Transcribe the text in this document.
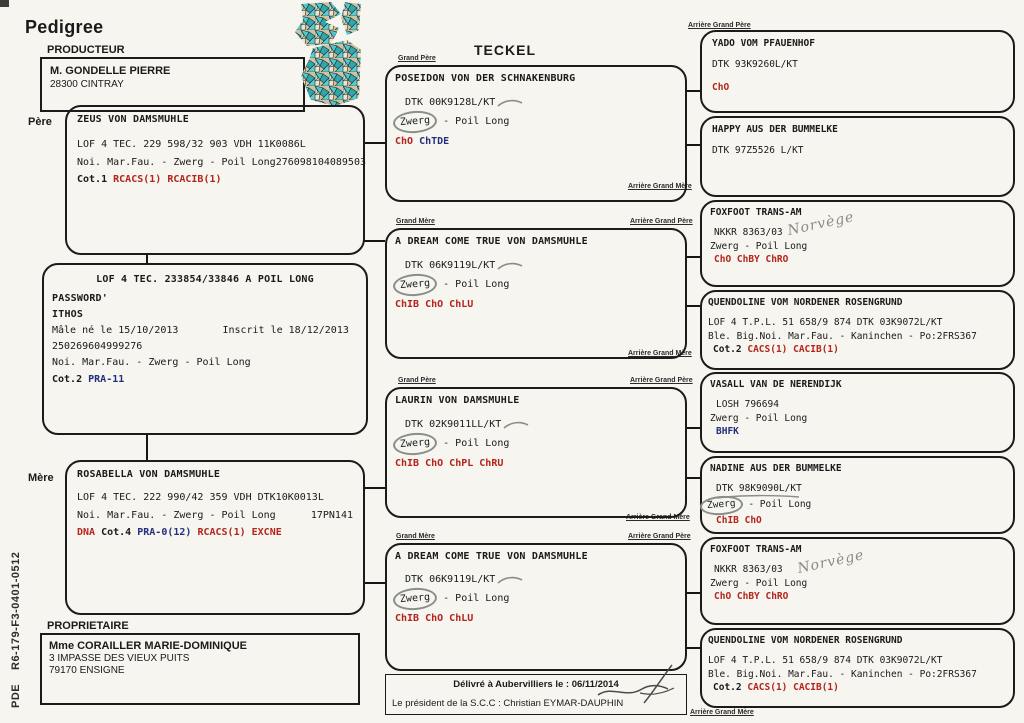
Pedigree
PRODUCTEUR
M. GONDELLE PIERRE
28300 CINTRAY
TECKEL
Père
Mère
Grand Père
Arrière Grand Père
Arrière Grand Mère
Grand Mère	Arrière Grand Père
Arrière Grand Mère
Grand Père	Arrière Grand Père
Arrière Grand Mère
Grand Mère	Arrière Grand Père
Arrière Grand Mère
ZEUS VON DAMSMUHLE
LOF 4 TEC. 229 598/32 903 VDH 11K0086L
Noi. Mar.Fau. - Zwerg - Poil Long 276098104089503
Cot.1 RCACS(1) RCACIB(1)
LOF 4 TEC. 233854/33846 A POIL LONG
PASSWORD'
ITHOS
Mâle né le 15/10/2013	Inscrit le 18/12/2013
250269604999276
Noi. Mar.Fau. - Zwerg - Poil Long
Cot.2 PRA-11
ROSABELLA VON DAMSMUHLE
LOF 4 TEC. 222 990/42 359 VDH DTK10K0013L
Noi. Mar.Fau. - Zwerg - Poil Long	17PN141
DNA Cot.4 PRA-0(12) RCACS(1) EXCNE
POSEIDON VON DER SCHNAKENBURG
DTK 00K9128L/KT
Zwerg - Poil Long
ChO ChTDE
A DREAM COME TRUE VON DAMSMUHLE
DTK 06K9119L/KT
Zwerg - Poil Long
ChIB ChO ChLU
LAURIN VON DAMSMUHLE
DTK 02K9011LL/KT
Zwerg - Poil Long
ChIB ChO ChPL ChRU
A DREAM COME TRUE VON DAMSMUHLE
DTK 06K9119L/KT
Zwerg - Poil Long
ChIB ChO ChLU
YADO VOM PFAUENHOF
DTK 93K9260L/KT
ChO
HAPPY AUS DER BUMMELKE
DTK 97Z5526 L/KT
FOXFOOT TRANS-AM
Norvège
NKKR 8363/03
Zwerg - Poil Long
ChO ChBY ChRO
QUENDOLINE VOM NORDENER ROSENGRUND
LOF 4 T.P.L. 51 658/9 874 DTK 03K9072L/KT
Ble. Big.Noi. Mar.Fau. - Kaninchen - Po:2FRS367
Cot.2 CACS(1) CACIB(1)
VASALL VAN DE NERENDIJK
LOSH 796694
Zwerg - Poil Long
BHFK
NADINE AUS DER BUMMELKE
DTK 98K9090L/KT
Zwerg - Poil Long
ChIB ChO
FOXFOOT TRANS-AM
Norvège
NKKR 8363/03
Zwerg - Poil Long
ChO ChBY ChRO
QUENDOLINE VOM NORDENER ROSENGRUND
LOF 4 T.P.L. 51 658/9 874 DTK 03K9072L/KT
Ble. Big.Noi. Mar.Fau. - Kaninchen - Po:2FRS367
Cot.2 CACS(1) CACIB(1)
PROPRIETAIRE
Mme CORAILLER MARIE-DOMINIQUE
3 IMPASSE DES VIEUX PUITS
79170 ENSIGNE
Délivré à Aubervilliers le : 06/11/2014
Le président de la S.C.C : Christian EYMAR-DAUPHIN
R6-179-F3-0401-0512
PDE
